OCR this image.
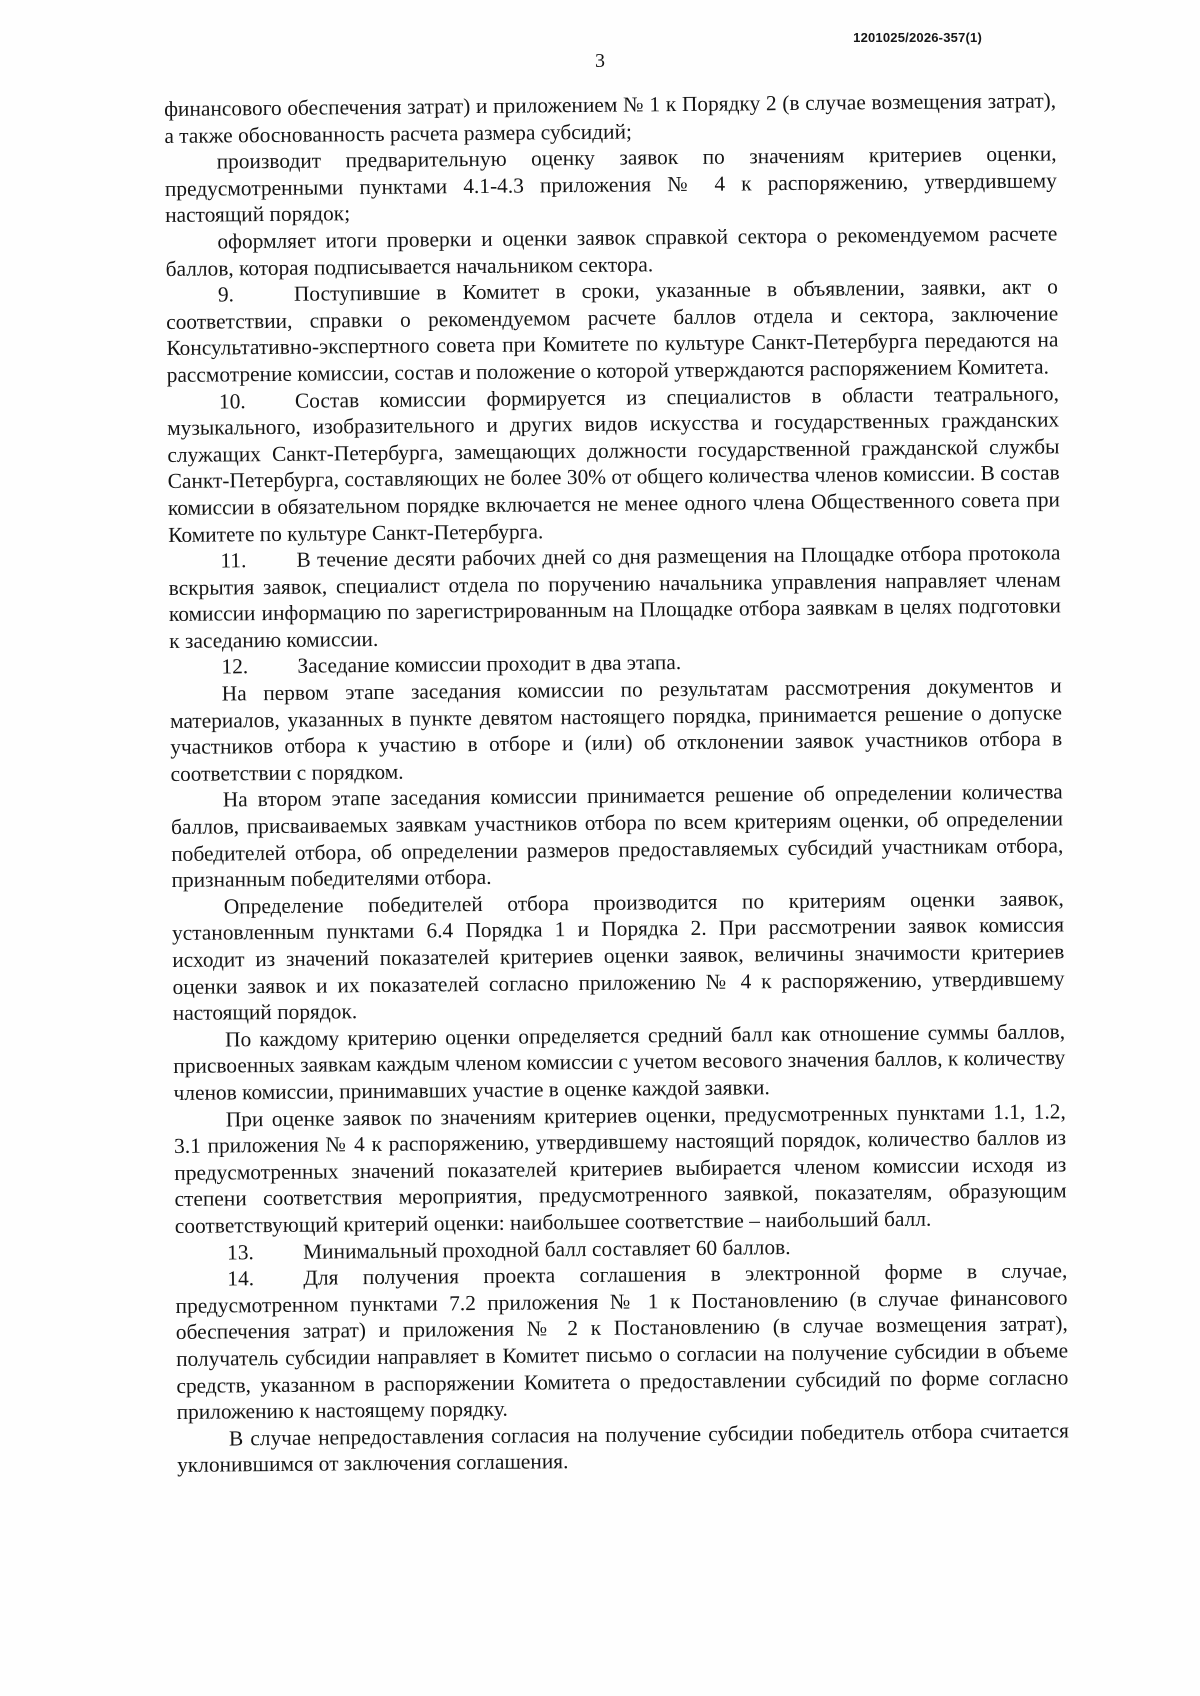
1201025/2026-357(1)
3

финансового обеспечения затрат) и приложением № 1 к Порядку 2 (в случае возмещения затрат), а также обоснованность расчета размера субсидий;

производит предварительную оценку заявок по значениям критериев оценки, предусмотренными пунктами 4.1-4.3 приложения № 4 к распоряжению, утвердившему настоящий порядок;

оформляет итоги проверки и оценки заявок справкой сектора о рекомендуемом расчете баллов, которая подписывается начальником сектора.

9.	Поступившие в Комитет в сроки, указанные в объявлении, заявки, акт о соответствии, справки о рекомендуемом расчете баллов отдела и сектора, заключение Консультативно-экспертного совета при Комитете по культуре Санкт-Петербурга передаются на рассмотрение комиссии, состав и положение о которой утверждаются распоряжением Комитета.

10. Состав комиссии формируется из специалистов в области театрального, музыкального, изобразительного и других видов искусства и государственных гражданских служащих Санкт-Петербурга, замещающих должности государственной гражданской службы Санкт-Петербурга, составляющих не более 30% от общего количества членов комиссии. В состав комиссии в обязательном порядке включается не менее одного члена Общественного совета при Комитете по культуре Санкт-Петербурга.

11. В течение десяти рабочих дней со дня размещения на Площадке отбора протокола вскрытия заявок, специалист отдела по поручению начальника управления направляет членам комиссии информацию по зарегистрированным на Площадке отбора заявкам в целях подготовки к заседанию комиссии.

12. Заседание комиссии проходит в два этапа.

На первом этапе заседания комиссии по результатам рассмотрения документов и материалов, указанных в пункте девятом настоящего порядка, принимается решение о допуске участников отбора к участию в отборе и (или) об отклонении заявок участников отбора в соответствии с порядком.

На втором этапе заседания комиссии принимается решение об определении количества баллов, присваиваемых заявкам участников отбора по всем критериям оценки, об определении победителей отбора, об определении размеров предоставляемых субсидий участникам отбора, признанным победителями отбора.

Определение победителей отбора производится по критериям оценки заявок, установленным пунктами 6.4 Порядка 1 и Порядка 2. При рассмотрении заявок комиссия исходит из значений показателей критериев оценки заявок, величины значимости критериев оценки заявок и их показателей согласно приложению № 4 к распоряжению, утвердившему настоящий порядок.

По каждому критерию оценки определяется средний балл как отношение суммы баллов, присвоенных заявкам каждым членом комиссии с учетом весового значения баллов, к количеству членов комиссии, принимавших участие в оценке каждой заявки.

При оценке заявок по значениям критериев оценки, предусмотренных пунктами 1.1, 1.2, 3.1 приложения № 4 к распоряжению, утвердившему настоящий порядок, количество баллов из предусмотренных значений показателей критериев выбирается членом комиссии исходя из степени соответствия мероприятия, предусмотренного заявкой, показателям, образующим соответствующий критерий оценки: наибольшее соответствие – наибольший балл.

13. Минимальный проходной балл составляет 60 баллов.

14. Для получения проекта соглашения в электронной форме в случае, предусмотренном пунктами 7.2 приложения № 1 к Постановлению (в случае финансового обеспечения затрат) и приложения № 2 к Постановлению (в случае возмещения затрат), получатель субсидии направляет в Комитет письмо о согласии на получение субсидии в объеме средств, указанном в распоряжении Комитета о предоставлении субсидий по форме согласно приложению к настоящему порядку.

В случае непредоставления согласия на получение субсидии победитель отбора считается уклонившимся от заключения соглашения.
